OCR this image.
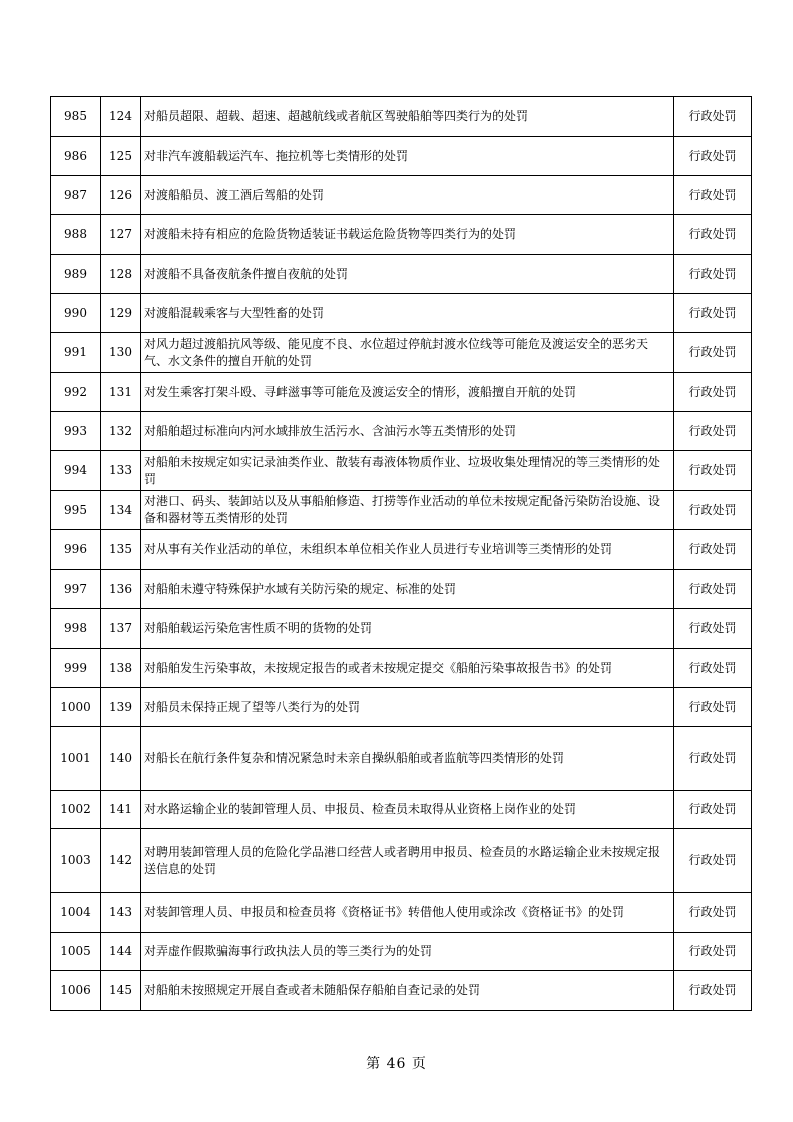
985	124	对船员超限、超载、超速、超越航线或者航区驾驶船舶等四类行为的处罚	行政处罚
986	125	对非汽车渡船载运汽车、拖拉机等七类情形的处罚	行政处罚
987	126	对渡船船员、渡工酒后驾船的处罚	行政处罚
988	127	对渡船未持有相应的危险货物适装证书载运危险货物等四类行为的处罚	行政处罚
989	128	对渡船不具备夜航条件擅自夜航的处罚	行政处罚
990	129	对渡船混载乘客与大型牲畜的处罚	行政处罚
991	130	对风力超过渡船抗风等级、能见度不良、水位超过停航封渡水位线等可能危及渡运安全的恶劣天气、水文条件的擅自开航的处罚	行政处罚
992	131	对发生乘客打架斗殴、寻衅滋事等可能危及渡运安全的情形，渡船擅自开航的处罚	行政处罚
993	132	对船舶超过标准向内河水域排放生活污水、含油污水等五类情形的处罚	行政处罚
994	133	对船舶未按规定如实记录油类作业、散装有毒液体物质作业、垃圾收集处理情况的等三类情形的处罚	行政处罚
995	134	对港口、码头、装卸站以及从事船舶修造、打捞等作业活动的单位未按规定配备污染防治设施、设备和器材等五类情形的处罚	行政处罚
996	135	对从事有关作业活动的单位，未组织本单位相关作业人员进行专业培训等三类情形的处罚	行政处罚
997	136	对船舶未遵守特殊保护水域有关防污染的规定、标准的处罚	行政处罚
998	137	对船舶载运污染危害性质不明的货物的处罚	行政处罚
999	138	对船舶发生污染事故，未按规定报告的或者未按规定提交《船舶污染事故报告书》的处罚	行政处罚
1000	139	对船员未保持正规了望等八类行为的处罚	行政处罚
1001	140	对船长在航行条件复杂和情况紧急时未亲自操纵船舶或者监航等四类情形的处罚	行政处罚
1002	141	对水路运输企业的装卸管理人员、申报员、检查员未取得从业资格上岗作业的处罚	行政处罚
1003	142	对聘用装卸管理人员的危险化学品港口经营人或者聘用申报员、检查员的水路运输企业未按规定报送信息的处罚	行政处罚
1004	143	对装卸管理人员、申报员和检查员将《资格证书》转借他人使用或涂改《资格证书》的处罚	行政处罚
1005	144	对弄虚作假欺骗海事行政执法人员的等三类行为的处罚	行政处罚
1006	145	对船舶未按照规定开展自查或者未随船保存船舶自查记录的处罚	行政处罚
第 46 页
